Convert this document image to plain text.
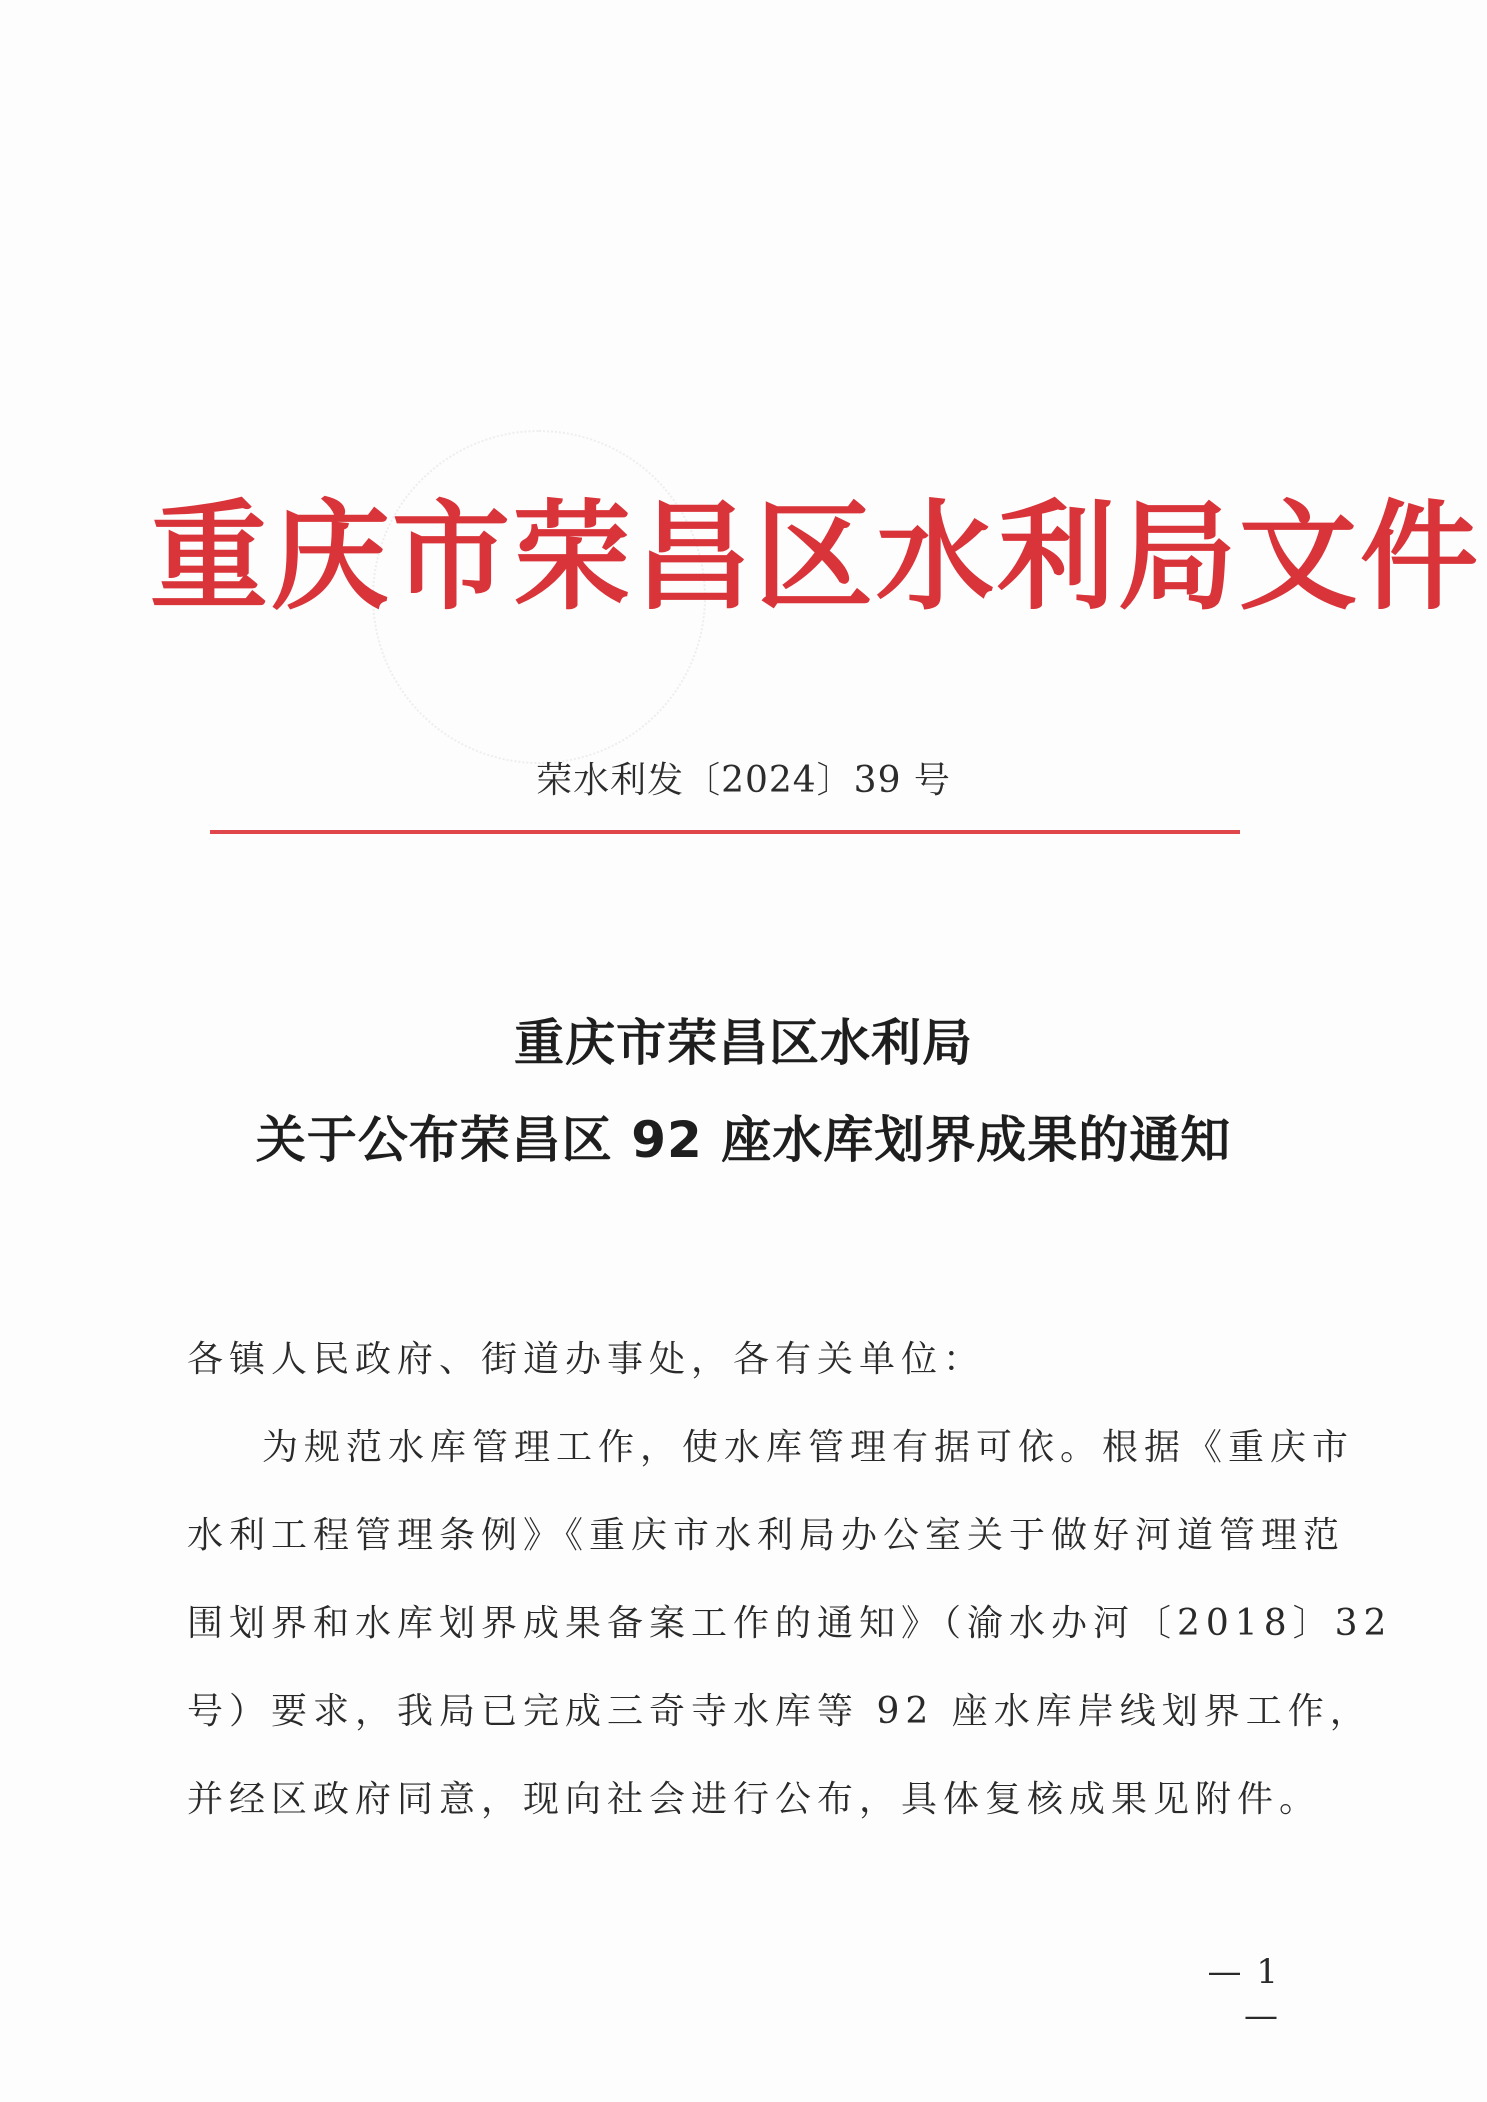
重庆市荣昌区水利局文件
荣水利发〔2024〕39 号
重庆市荣昌区水利局
关于公布荣昌区 92 座水库划界成果的通知
各镇人民政府、街道办事处，各有关单位：
为规范水库管理工作，使水库管理有据可依。根据《重庆市
水利工程管理条例》《重庆市水利局办公室关于做好河道管理范
围划界和水库划界成果备案工作的通知》（渝水办河〔2018〕32
号）要求，我局已完成三奇寺水库等 92 座水库岸线划界工作，
并经区政府同意，现向社会进行公布，具体复核成果见附件。
— 1 —
